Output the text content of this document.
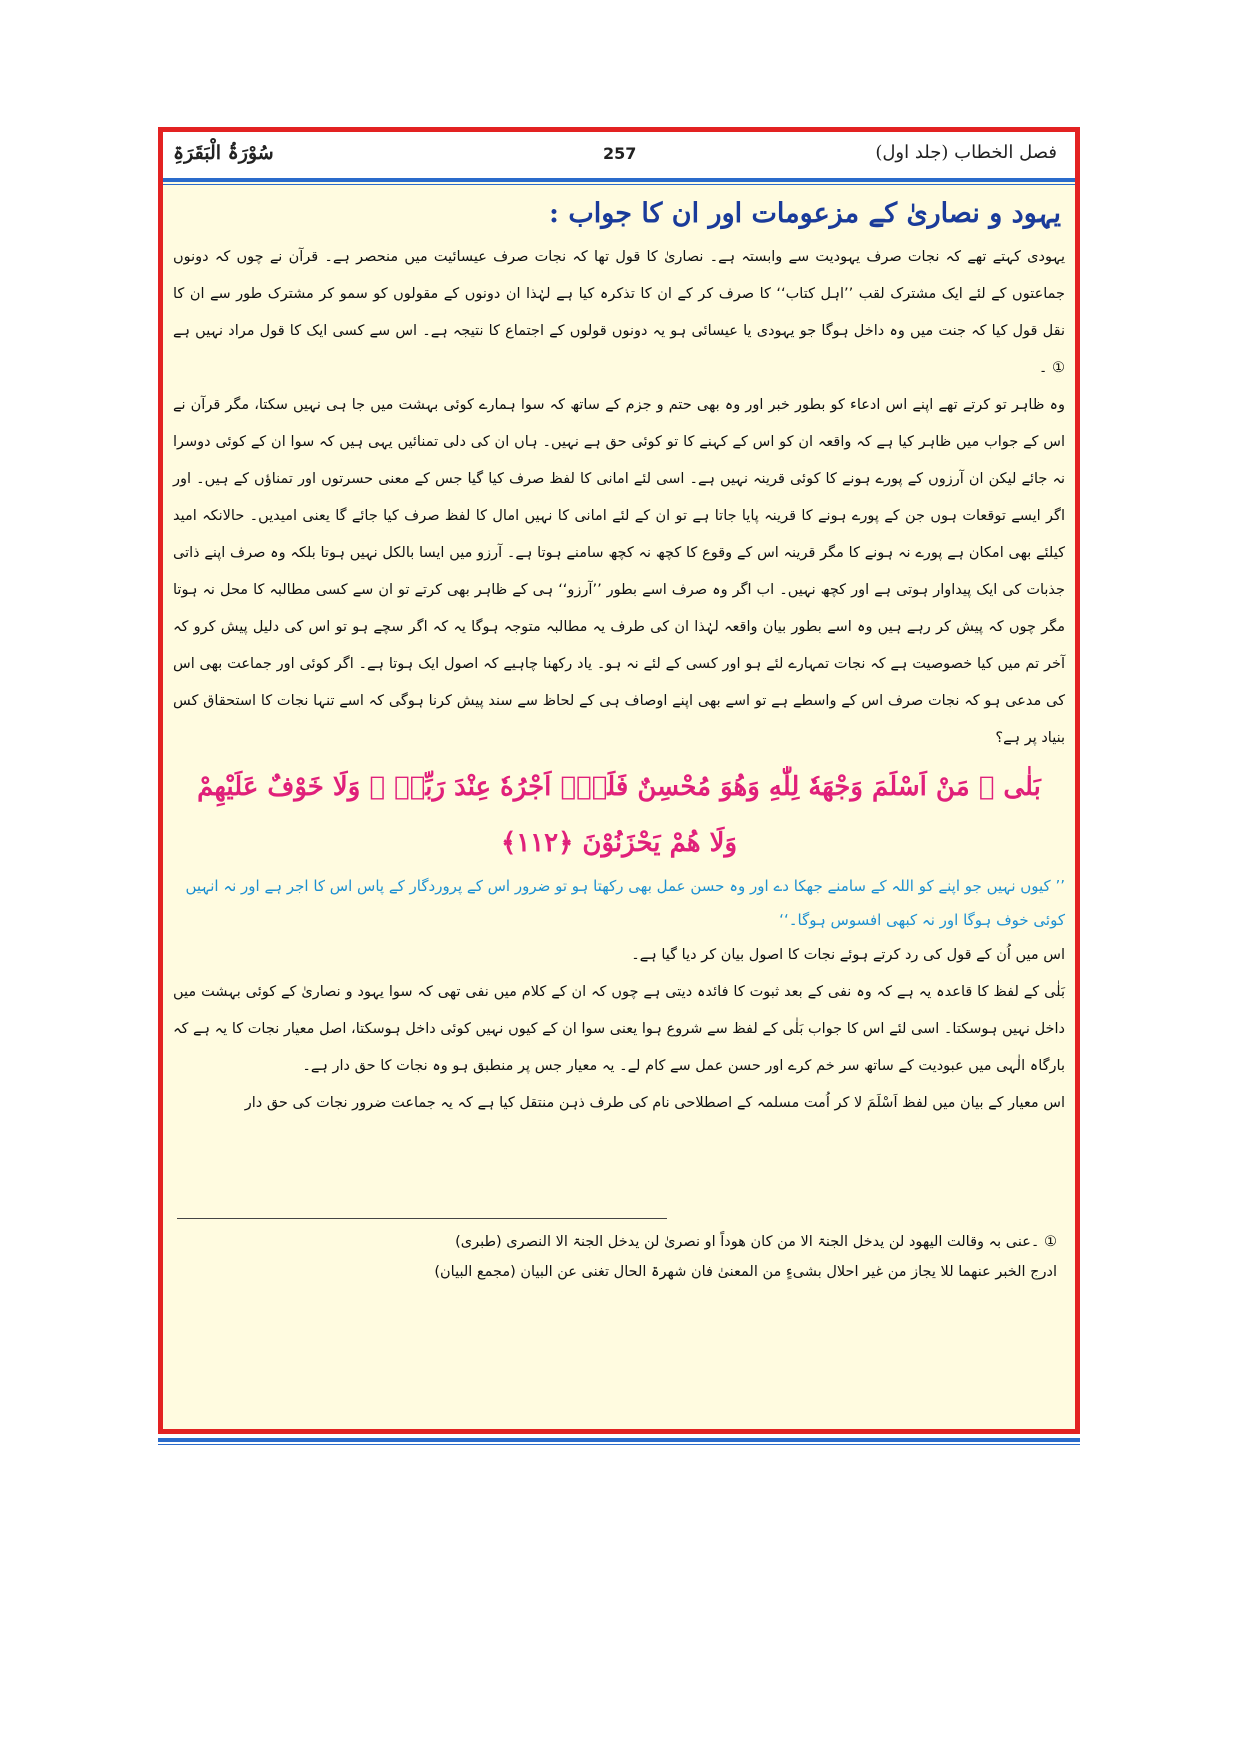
فصل الخطاب (جلد اول)
257
سُوْرَۃُ الْبَقَرَۃِ
یہود و نصاریٰ کے مزعومات اور ان کا جواب :

یہودی کہتے تھے کہ نجات صرف یہودیت سے وابستہ ہے۔ نصاریٰ کا قول تھا کہ نجات صرف عیسائیت میں منحصر ہے۔ قرآن نے چوں کہ دونوں جماعتوں کے لئے ایک مشترک لقب ’’اہل کتاب‘‘ کا صرف کر کے ان کا تذکرہ کیا ہے لہٰذا ان دونوں کے مقولوں کو سمو کر مشترک طور سے ان کا نقل قول کیا کہ جنت میں وہ داخل ہوگا جو یہودی یا عیسائی ہو یہ دونوں قولوں کے اجتماع کا نتیجہ ہے۔ اس سے کسی ایک کا قول مراد نہیں ہے ① ۔

وہ ظاہر تو کرتے تھے اپنے اس ادعاء کو بطور خبر اور وہ بھی حتم و جزم کے ساتھ کہ سوا ہمارے کوئی بہشت میں جا ہی نہیں سکتا، مگر قرآن نے اس کے جواب میں ظاہر کیا ہے کہ واقعہ ان کو اس کے کہنے کا تو کوئی حق ہے نہیں۔ ہاں ان کی دلی تمنائیں یہی ہیں کہ سوا ان کے کوئی دوسرا نہ جائے لیکن ان آرزوں کے پورے ہونے کا کوئی قرینہ نہیں ہے۔ اسی لئے امانی کا لفظ صرف کیا گیا جس کے معنی حسرتوں اور تمناؤں کے ہیں۔ اور اگر ایسے توقعات ہوں جن کے پورے ہونے کا قرینہ پایا جاتا ہے تو ان کے لئے امانی کا نہیں امال کا لفظ صرف کیا جائے گا یعنی امیدیں۔ حالانکہ امید کیلئے بھی امکان ہے پورے نہ ہونے کا مگر قرینہ اس کے وقوع کا کچھ نہ کچھ سامنے ہوتا ہے۔ آرزو میں ایسا بالکل نہیں ہوتا بلکہ وہ صرف اپنے ذاتی جذبات کی ایک پیداوار ہوتی ہے اور کچھ نہیں۔ اب اگر وہ صرف اسے بطور ’’آرزو‘‘ ہی کے ظاہر بھی کرتے تو ان سے کسی مطالبہ کا محل نہ ہوتا مگر چوں کہ پیش کر رہے ہیں وہ اسے بطور بیان واقعہ لہٰذا ان کی طرف یہ مطالبہ متوجہ ہوگا یہ کہ اگر سچے ہو تو اس کی دلیل پیش کرو کہ آخر تم میں کیا خصوصیت ہے کہ نجات تمہارے لئے ہو اور کسی کے لئے نہ ہو۔ یاد رکھنا چاہیے کہ اصول ایک ہوتا ہے۔ اگر کوئی اور جماعت بھی اس کی مدعی ہو کہ نجات صرف اس کے واسطے ہے تو اسے بھی اپنے اوصاف ہی کے لحاظ سے سند پیش کرنا ہوگی کہ اسے تنہا نجات کا استحقاق کس بنیاد پر ہے؟

بَلٰی ۚ مَنْ اَسْلَمَ وَجْهَهٗ لِلّٰهِ وَهُوَ مُحْسِنٌ فَلَهٗۤ اَجْرُهٗ عِنْدَ رَبِّهٖ ۠ وَلَا خَوْفٌ عَلَيْهِمْ

وَلَا هُمْ يَحْزَنُوْنَ ﴿١١٢﴾

’’ کیوں نہیں جو اپنے کو اللہ کے سامنے جھکا دے اور وہ حسن عمل بھی رکھتا ہو تو ضرور اس کے پروردگار کے پاس اس کا اجر ہے اور نہ انہیں کوئی خوف ہوگا اور نہ کبھی افسوس ہوگا۔‘‘

اس میں اُن کے قول کی رد کرتے ہوئے نجات کا اصول بیان کر دیا گیا ہے۔

بَلٰی کے لفظ کا قاعدہ یہ ہے کہ وہ نفی کے بعد ثبوت کا فائدہ دیتی ہے چوں کہ ان کے کلام میں نفی تھی کہ سوا یہود و نصاریٰ کے کوئی بہشت میں داخل نہیں ہوسکتا۔ اسی لئے اس کا جواب بَلٰی کے لفظ سے شروع ہوا یعنی سوا ان کے کیوں نہیں کوئی داخل ہوسکتا، اصل معیار نجات کا یہ ہے کہ بارگاہ الٰہی میں عبودیت کے ساتھ سر خم کرے اور حسن عمل سے کام لے۔ یہ معیار جس پر منطبق ہو وہ نجات کا حق دار ہے۔

اس معیار کے بیان میں لفظ اَسْلَمَ لا کر اُمت مسلمہ کے اصطلاحی نام کی طرف ذہن منتقل کیا ہے کہ یہ جماعت ضرور نجات کی حق دار

① ۔عنی بہ وقالت الیھود لن یدخل الجنۃ الا من کان ھوداً او نصریٰ لن یدخل الجنۃ الا النصری (طبری)

ادرج الخبر عنھما للا یجاز من غیر احلال بشیءٍ من المعنیٰ فان شھرۃ الحال تغنی عن البیان (مجمع البیان)
